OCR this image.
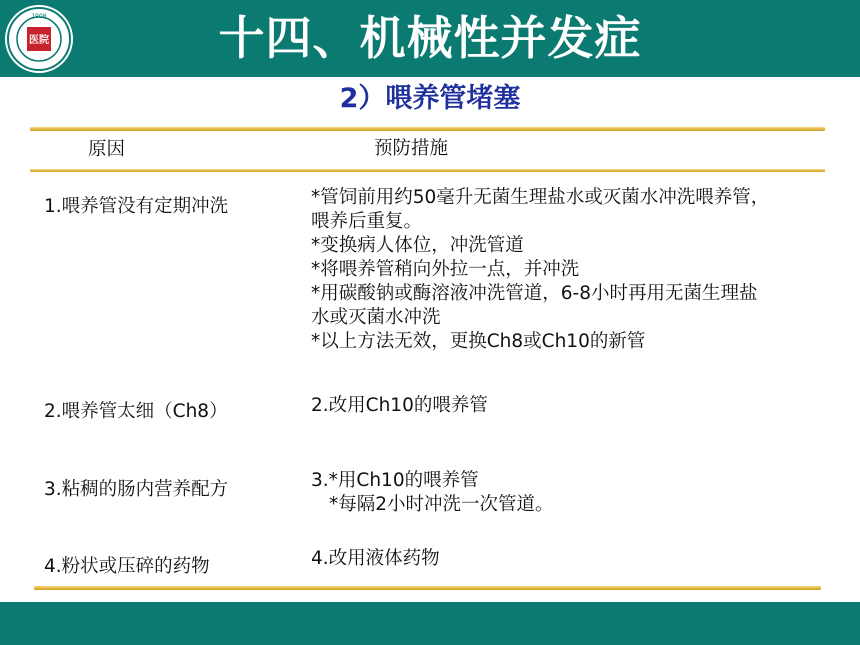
1908
医院	十四、机械性并发症
2）喂养管堵塞
原因	预防措施
1.喂养管没有定期冲洗	*管饲前用约50毫升无菌生理盐水或灭菌水冲洗喂养管，
喂养后重复。
*变换病人体位，冲洗管道
*将喂养管稍向外拉一点，并冲洗
*用碳酸钠或酶溶液冲洗管道，6-8小时再用无菌生理盐
水或灭菌水冲洗
*以上方法无效，更换Ch8或Ch10的新管
2.喂养管太细（Ch8）	2.改用Ch10的喂养管
3.粘稠的肠内营养配方	3.*用Ch10的喂养管
*每隔2小时冲洗一次管道。
4.粉状或压碎的药物	4.改用液体药物
